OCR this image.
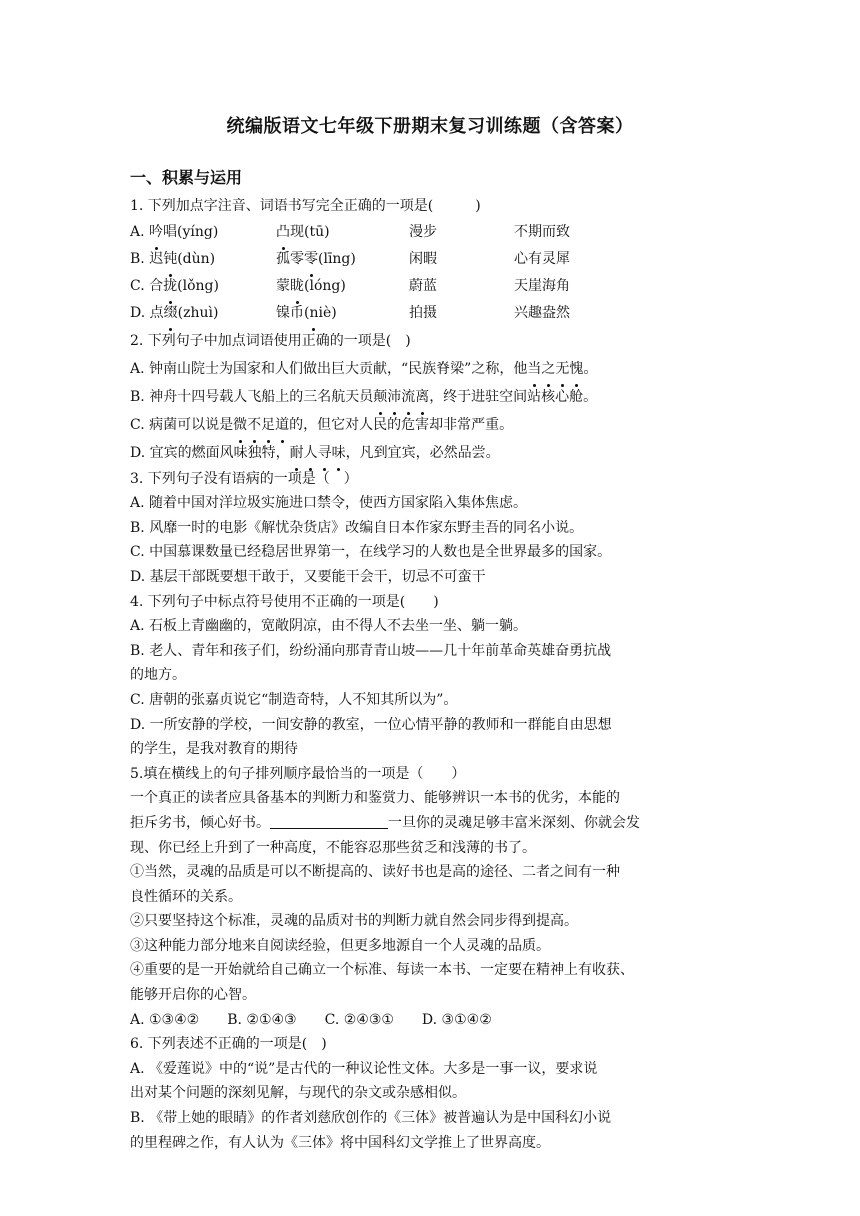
统编版语文七年级下册期末复习训练题（含答案）
一、积累与运用

1. 下列加点字注音、词语书写完全正确的一项是(　　　)

A. 吟唱(yíng)	凸现(tū)	漫步	不期而致
B. 迟钝(dùn)	孤零零(līng)	闲暇	心有灵犀
C. 合拢(lǒng)	蒙眬(lóng)	蔚蓝	天崖海角
D. 点缀(zhuì)	镍币(niè)	拍摄	兴趣盎然

2. 下列句子中加点词语使用正确的一项是(　)

A. 钟南山院士为国家和人们做出巨大贡献，“民族脊梁”之称，他当之无愧。

B. 神舟十四号载人飞船上的三名航天员颠沛流离，终于进驻空间站核心舱。

C. 病菌可以说是微不足道的，但它对人民的危害却非常严重。

D. 宜宾的燃面风味独特，耐人寻味，凡到宜宾，必然品尝。

3. 下列句子没有语病的一项是（　）

A. 随着中国对洋垃圾实施进口禁令，使西方国家陷入集体焦虑。

B. 风靡一时的电影《解忧杂货店》改编自日本作家东野圭吾的同名小说。

C. 中国慕课数量已经稳居世界第一，在线学习的人数也是全世界最多的国家。

D. 基层干部既要想干敢于，又要能干会干，切忌不可蛮干

4. 下列句子中标点符号使用不正确的一项是(　　)

A. 石板上青幽幽的，宽敞阴凉，由不得人不去坐一坐、躺一躺。

B. 老人、青年和孩子们，纷纷涌向那青青山坡——几十年前革命英雄奋勇抗战

的地方。

C. 唐朝的张嘉贞说它“制造奇特，人不知其所以为”。

D. 一所安静的学校，一间安静的教室，一位心情平静的教师和一群能自由思想

的学生，是我对教育的期待

5.填在横线上的句子排列顺序最恰当的一项是（　　）

一个真正的读者应具备基本的判断力和鉴赏力、能够辨识一本书的优劣，本能的

拒斥劣书，倾心好书。	一旦你的灵魂足够丰富米深刻、你就会发

现、你已经上升到了一种高度，不能容忍那些贫乏和浅薄的书了。

①当然，灵魂的品质是可以不断提高的、读好书也是高的途径、二者之间有一种

良性循环的关系。

②只要坚持这个标准，灵魂的品质对书的判断力就自然会同步得到提高。

③这种能力部分地来自阅读经验，但更多地源自一个人灵魂的品质。

④重要的是一开始就给自己确立一个标准、每读一本书、一定要在精神上有收获、

能够开启你的心智。

A. ①③④②　　B. ②①④③　　C. ②④③①　　D. ③①④②

6. 下列表述不正确的一项是(　)

A. 《爱莲说》中的“说”是古代的一种议论性文体。大多是一事一议，要求说

出对某个问题的深刻见解，与现代的杂文或杂感相似。

B. 《带上她的眼睛》的作者刘慈欣创作的《三体》被普遍认为是中国科幻小说

的里程碑之作，有人认为《三体》将中国科幻文学推上了世界高度。
